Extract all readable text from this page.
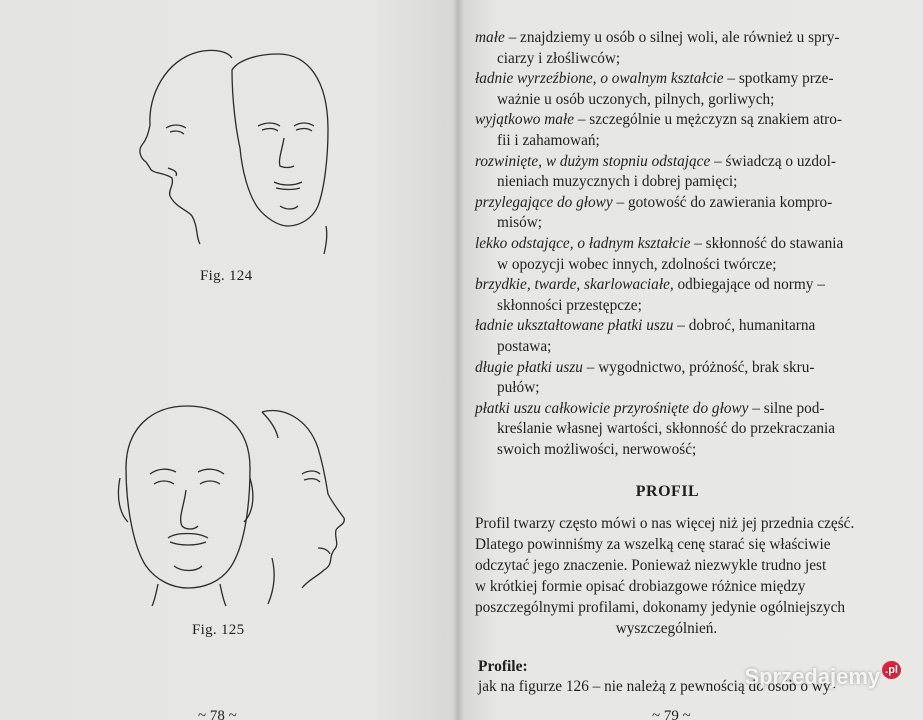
Fig. 124
Fig. 125
~ 78 ~

małe – znajdziemy u osób o silnej woli, ale również u spry-
ciarzy i złośliwców;

ładnie wyrzeźbione, o owalnym kształcie – spotkamy prze-
ważnie u osób uczonych, pilnych, gorliwych;

wyjątkowo małe – szczególnie u mężczyzn są znakiem atro-
fii i zahamowań;

rozwinięte, w dużym stopniu odstające – świadczą o uzdol-
nieniach muzycznych i dobrej pamięci;

przylegające do głowy – gotowość do zawierania kompro-
misów;

lekko odstające, o ładnym kształcie – skłonność do stawania
w opozycji wobec innych, zdolności twórcze;

brzydkie, twarde, skarlowaciałe, odbiegające od normy –
skłonności przestępcze;

ładnie ukształtowane płatki uszu – dobroć, humanitarna
postawa;

długie płatki uszu – wygodnictwo, próżność, brak skru-
pułów;

płatki uszu całkowicie przyrośnięte do głowy – silne pod-
kreślanie własnej wartości, skłonność do przekraczania
swoich możliwości, nerwowość;

PROFIL
Profil twarzy często mówi o nas więcej niż jej przednia część.
Dlatego powinniśmy za wszelką cenę starać się właściwie
odczytać jego znaczenie. Ponieważ niezwykle trudno jest
w krótkiej formie opisać drobiazgowe różnice między
poszczególnymi profilami, dokonamy jedynie ogólniejszych
wyszczególnień.
Profile:
jak na figurze 126 – nie należą z pewnością do osób o wy-
~ 79 ~
Sprzedajemy $^{.pl}$
